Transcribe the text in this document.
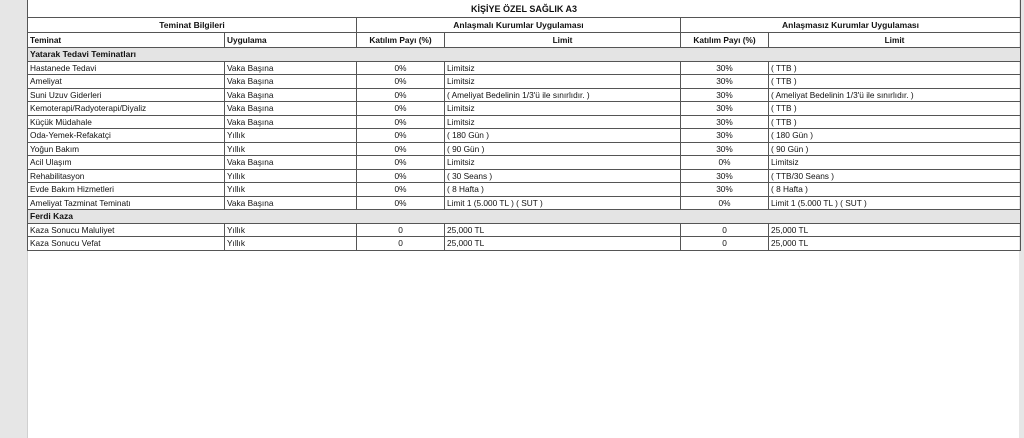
KİŞİYE ÖZEL SAĞLIK A3					
Teminat Bilgileri		Anlaşmalı Kurumlar Uygulaması		Anlaşmasız Kurumlar Uygulaması	
Teminat	Uygulama	Katılım Payı (%)	Limit	Katılım Payı (%)	Limit
Yatarak Tedavi Teminatları					
Hastanede Tedavi	Vaka Başına	0%	Limitsiz	30%	( TTB )
Ameliyat	Vaka Başına	0%	Limitsiz	30%	( TTB )
Suni Uzuv Giderleri	Vaka Başına	0%	( Ameliyat Bedelinin 1/3'ü ile sınırlıdır. )	30%	( Ameliyat Bedelinin 1/3'ü ile sınırlıdır. )
Kemoterapi/Radyoterapi/Diyaliz	Vaka Başına	0%	Limitsiz	30%	( TTB )
Küçük Müdahale	Vaka Başına	0%	Limitsiz	30%	( TTB )
Oda-Yemek-Refakatçi	Yıllık	0%	( 180 Gün )	30%	( 180 Gün )
Yoğun Bakım	Yıllık	0%	( 90 Gün )	30%	( 90 Gün )
Acil Ulaşım	Vaka Başına	0%	Limitsiz	0%	Limitsiz
Rehabilitasyon	Yıllık	0%	( 30 Seans )	30%	( TTB/30 Seans )
Evde Bakım Hizmetleri	Yıllık	0%	( 8 Hafta )	30%	( 8 Hafta )
Ameliyat Tazminat Teminatı	Vaka Başına	0%	Limit 1 (5.000 TL ) ( SUT )	0%	Limit 1 (5.000 TL ) ( SUT )
Ferdi Kaza					
Kaza Sonucu Maluliyet	Yıllık	0	25,000 TL	0	25,000 TL
Kaza Sonucu Vefat	Yıllık	0	25,000 TL	0	25,000 TL
